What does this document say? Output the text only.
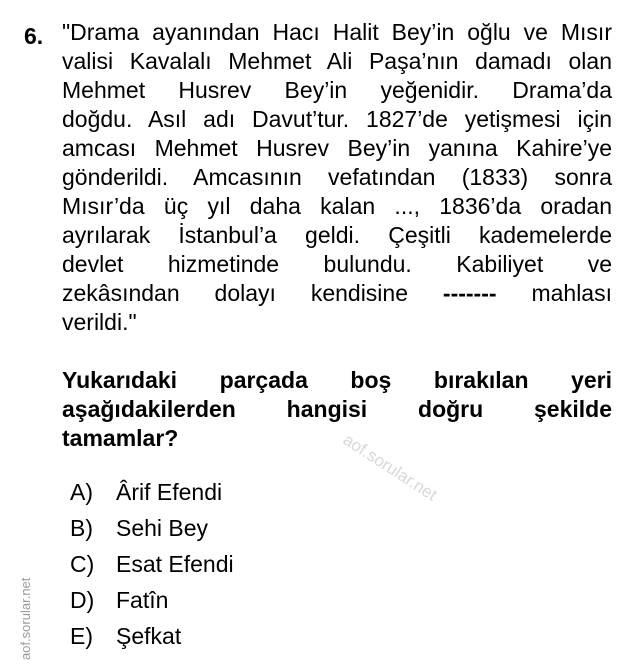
aof.sorular.net
aof.sorular.net
6. "Drama ayanından Hacı Halit Bey’in oğlu ve Mısır
valisi Kavalalı Mehmet Ali Paşa’nın damadı olan
Mehmet Husrev Bey’in yeğenidir. Drama’da
doğdu. Asıl adı Davut’tur. 1827’de yetişmesi için
amcası Mehmet Husrev Bey’in yanına Kahire’ye
gönderildi. Amcasının vefatından (1833) sonra
Mısır’da üç yıl daha kalan ..., 1836’da oradan
ayrılarak İstanbul’a geldi. Çeşitli kademelerde
devlet hizmetinde bulundu. Kabiliyet ve
zekâsından dolayı kendisine ------- mahlası
verildi."
Yukarıdaki parçada boş bırakılan yeri
aşağıdakilerden hangisi doğru şekilde
tamamlar?
A)	Ârif Efendi
B)	Sehi Bey
C) Esat Efendi
D) Fatîn
E)	Şefkat
